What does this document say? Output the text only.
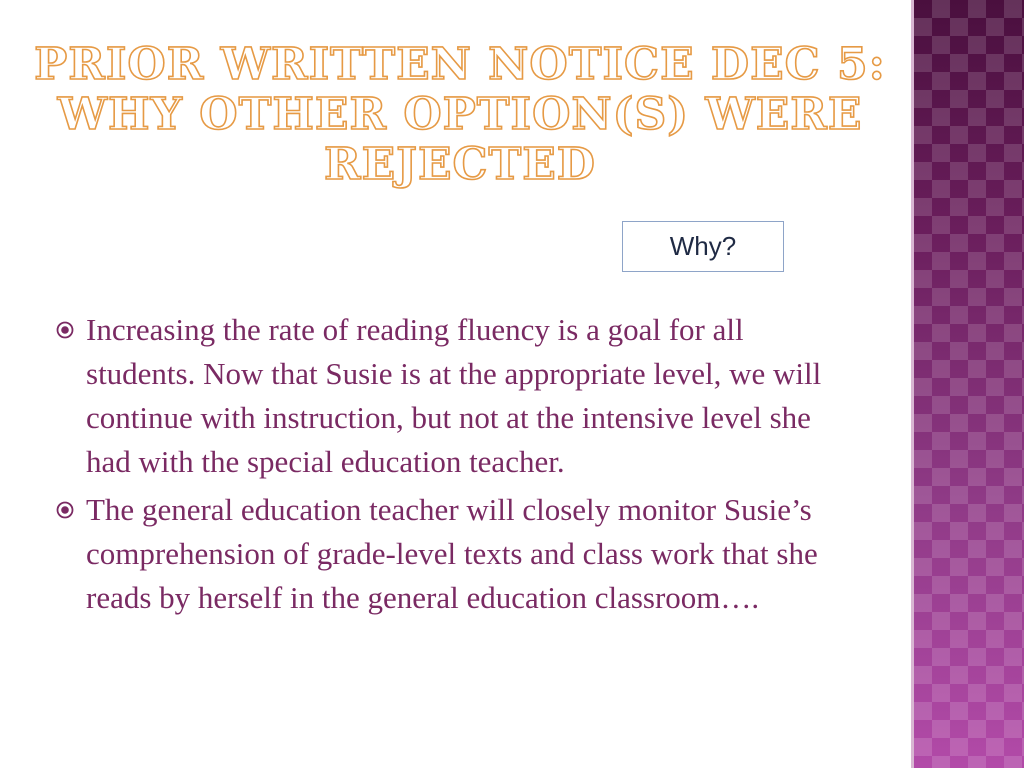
PRIOR WRITTEN NOTICE DEC 5: WHY OTHER OPTION(S) WERE REJECTED
Why?
Increasing the rate of reading fluency is a goal for all students. Now that Susie is at the appropriate level, we will continue with instruction, but not at the intensive level she had with the special education teacher.
The general education teacher will closely monitor Susie’s comprehension of grade-level texts and class work that she reads by herself in the general education classroom….
